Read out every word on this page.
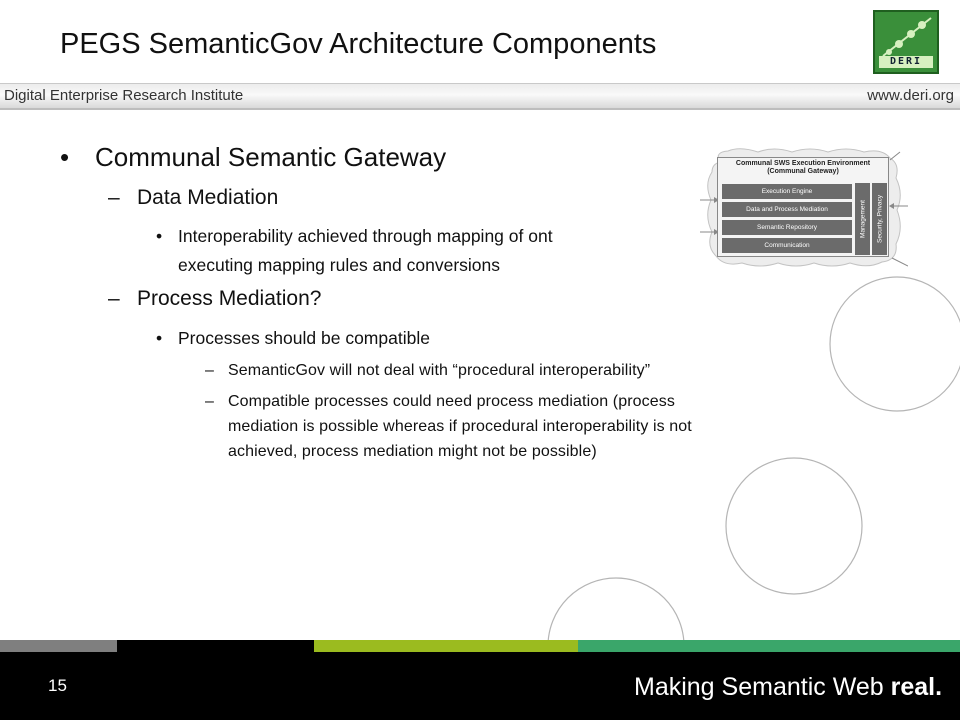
PEGS SemanticGov Architecture Components
DERI
Digital Enterprise Research Institute	www.deri.org
• Communal Semantic Gateway
– Data Mediation
• Interoperability achieved through mapping of ont
executing mapping rules and conversions
– Process Mediation?
• Processes should be compatible
– SemanticGov will not deal with “procedural interoperability”
– Compatible processes could need process mediation (process
mediation is possible whereas if procedural interoperability is not
achieved, process mediation might not be possible)
Communal SWS Execution Environment
(Communal Gateway)
Execution Engine
Data and Process Mediation
Semantic Repository
Communication
Management Security, Privacy
15	Making Semantic Web real.
